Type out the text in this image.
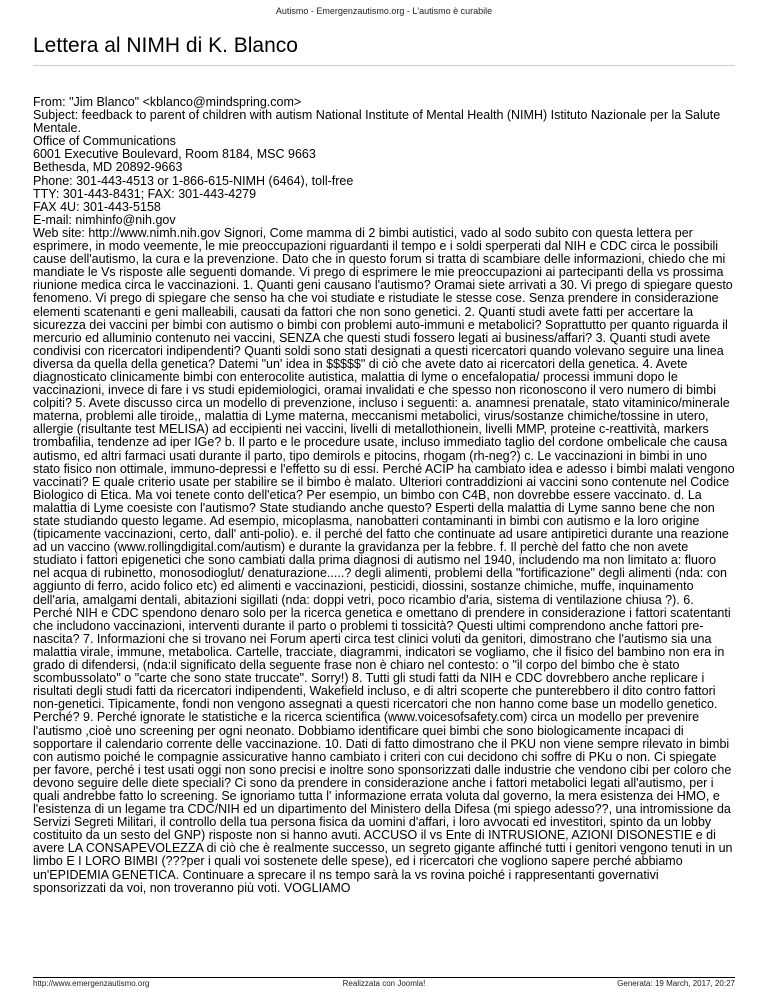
Autismo - Emergenzautismo.org - L'autismo è curabile
Lettera al NIMH di K. Blanco
From: "Jim Blanco" <kblanco@mindspring.com>
Subject: feedback to parent of children with autism National Institute of Mental Health (NIMH) Istituto Nazionale per la Salute Mentale.
Office of Communications
6001 Executive Boulevard, Room 8184, MSC 9663
Bethesda, MD 20892-9663
Phone: 301-443-4513 or 1-866-615-NIMH (6464), toll-free
TTY: 301-443-8431; FAX: 301-443-4279
FAX 4U: 301-443-5158
E-mail: nimhinfo@nih.gov
Web site: http://www.nimh.nih.gov Signori, Come mamma di 2 bimbi autistici, vado al sodo subito con questa lettera per esprimere, in modo veemente, le mie preoccupazioni riguardanti il tempo e i soldi sperperati dal NIH e CDC circa le possibili cause dell'autismo, la cura e la prevenzione. Dato che in questo forum si tratta di scambiare delle informazioni, chiedo che mi mandiate le Vs risposte alle seguenti domande. Vi prego di esprimere le mie preoccupazioni ai partecipanti della vs prossima riunione medica circa le vaccinazioni. 1. Quanti geni causano l'autismo? Oramai siete arrivati a 30. Vi prego di spiegare questo fenomeno. Vi prego di spiegare che senso ha che voi studiate e ristudiate le stesse cose. Senza prendere in considerazione elementi scatenanti e geni malleabili, causati da fattori che non sono genetici. 2. Quanti studi avete fatti per accertare la sicurezza dei vaccini per bimbi con autismo o bimbi con problemi auto-immuni e metabolici? Soprattutto per quanto riguarda il mercurio ed alluminio contenuto nei vaccini, SENZA che questi studi fossero legati ai business/affari? 3. Quanti studi avete condivisi con ricercatori indipendenti? Quanti soldi sono stati designati a questi ricercatori quando volevano seguire una linea diversa da quella della genetica? Datemi "un' idea in $$$$$" di ciò che avete dato ai ricercatori della genetica. 4. Avete diagnosticato clinicamente bimbi con enterocolite autistica, malattia di lyme o encefalopatia/ processi immuni dopo le vaccinazioni, invece di fare i vs studi epidemiologici, oramai invalidati e che spesso non riconoscono il vero numero di bimbi colpiti? 5. Avete discusso circa un modello di prevenzione, incluso i seguenti: a. anamnesi prenatale, stato vitaminico/minerale materna, problemi alle tiroide,, malattia di Lyme materna, meccanismi metabolici, virus/sostanze chimiche/tossine in utero, allergie (risultante test MELISA) ad eccipienti nei vaccini, livelli di metallothionein, livelli MMP, proteine c-reattività, markers trombafilia, tendenze ad iper IGe? b. Il parto e le procedure usate, incluso immediato taglio del cordone ombelicale che causa autismo, ed altri farmaci usati durante il parto, tipo demirols e pitocins, rhogam (rh-neg?) c. Le vaccinazioni in bimbi in uno stato fisico non ottimale, immuno-depressi e l'effetto su di essi. Perché ACIP ha cambiato idea e adesso i bimbi malati vengono vaccinati? E quale criterio usate per stabilire se il bimbo è malato. Ulteriori contraddizioni ai vaccini sono contenute nel Codice Biologico di Etica. Ma voi tenete conto dell'etica? Per esempio, un bimbo con C4B, non dovrebbe essere vaccinato. d. La malattia di Lyme coesiste con l'autismo? State studiando anche questo? Esperti della malattia di Lyme sanno bene che non state studiando questo legame. Ad esempio, micoplasma, nanobatteri contaminanti in bimbi con autismo e la loro origine (tipicamente vaccinazioni, certo, dall' anti-polio). e. il perché del fatto che continuate ad usare antipiretici durante una reazione ad un vaccino (www.rollingdigital.com/autism) e durante la gravidanza per la febbre. f. Il perchè del fatto che non avete studiato i fattori epigenetici che sono cambiati dalla prima diagnosi di autismo nel 1940, includendo ma non limitato a: fluoro nel acqua di rubinetto, monosodioglut/ denaturazione.....? degli alimenti, problemi della "fortificazione" degli alimenti (nda: con aggiunto di ferro, acido folico etc) ed alimenti e vaccinazioni, pesticidi, diossini, sostanze chimiche, muffe, inquinamento dell'aria, amalgami dentali, abitazioni sigillati (nda: doppi vetri, poco ricambio d'aria, sistema di ventilazione chiusa ?). 6. Perché NIH e CDC spendono denaro solo per la ricerca genetica e omettano di prendere in considerazione i fattori scatentanti che includono vaccinazioni, interventi durante il parto o problemi ti tossicità? Questi ultimi comprendono anche fattori pre-nascita? 7. Informazioni che si trovano nei Forum aperti circa test clinici voluti da genitori, dimostrano che l'autismo sia una malattia virale, immune, metabolica. Cartelle, tracciate, diagrammi, indicatori se vogliamo, che il fisico del bambino non era in grado di difendersi, (nda:il significato della seguente frase non è chiaro nel contesto: o "il corpo del bimbo che è stato scombussolato" o "carte che sono state truccate". Sorry!) 8. Tutti gli studi fatti da NIH e CDC dovrebbero anche replicare i risultati degli studi fatti da ricercatori indipendenti, Wakefield incluso, e di altri scoperte che punterebbero il dito contro fattori non-genetici. Tipicamente, fondi non vengono assegnati a questi ricercatori che non hanno come base un modello genetico. Perché? 9. Perché ignorate le statistiche e la ricerca scientifica (www.voicesofsafety.com) circa un modello per prevenire l'autismo ,cioè uno screening per ogni neonato. Dobbiamo identificare quei bimbi che sono biologicamente incapaci di sopportare il calendario corrente delle vaccinazione. 10. Dati di fatto dimostrano che il PKU non viene sempre rilevato in bimbi con autismo poiché le compagnie assicurative hanno cambiato i criteri con cui decidono chi soffre di PKu o non. Ci spiegate per favore, perché i test usati oggi non sono precisi e inoltre sono sponsorizzati dalle industrie che vendono cibi per coloro che devono seguire delle diete speciali? Ci sono da prendere in considerazione anche i fattori metabolici legati all'autismo, per i quali andrebbe fatto lo screening. Se ignoriamo tutta l' informazione errata voluta dal governo, la mera esistenza dei HMO, e l'esistenza di un legame tra CDC/NIH ed un dipartimento del Ministero della Difesa (mi spiego adesso??, una intromissione da Servizi Segreti Militari, il controllo della tua persona fisica da uomini d'affari, i loro avvocati ed investitori, spinto da un lobby costituito da un sesto del GNP) risposte non si hanno avuti. ACCUSO il vs Ente di INTRUSIONE, AZIONI DISONESTIE e di avere LA CONSAPEVOLEZZA di ciò che è realmente successo, un segreto gigante affinché tutti i genitori vengono tenuti in un limbo E I LORO BIMBI (???per i quali voi sostenete delle spese), ed i ricercatori che vogliono sapere perché abbiamo un'EPIDEMIA GENETICA. Continuare a sprecare il ns tempo sarà la vs rovina poiché i rappresentanti governativi sponsorizzati da voi, non troveranno più voti. VOGLIAMO
http://www.emergenzautismo.org	Realizzata con Joomla!	Generata: 19 March, 2017, 20:27
